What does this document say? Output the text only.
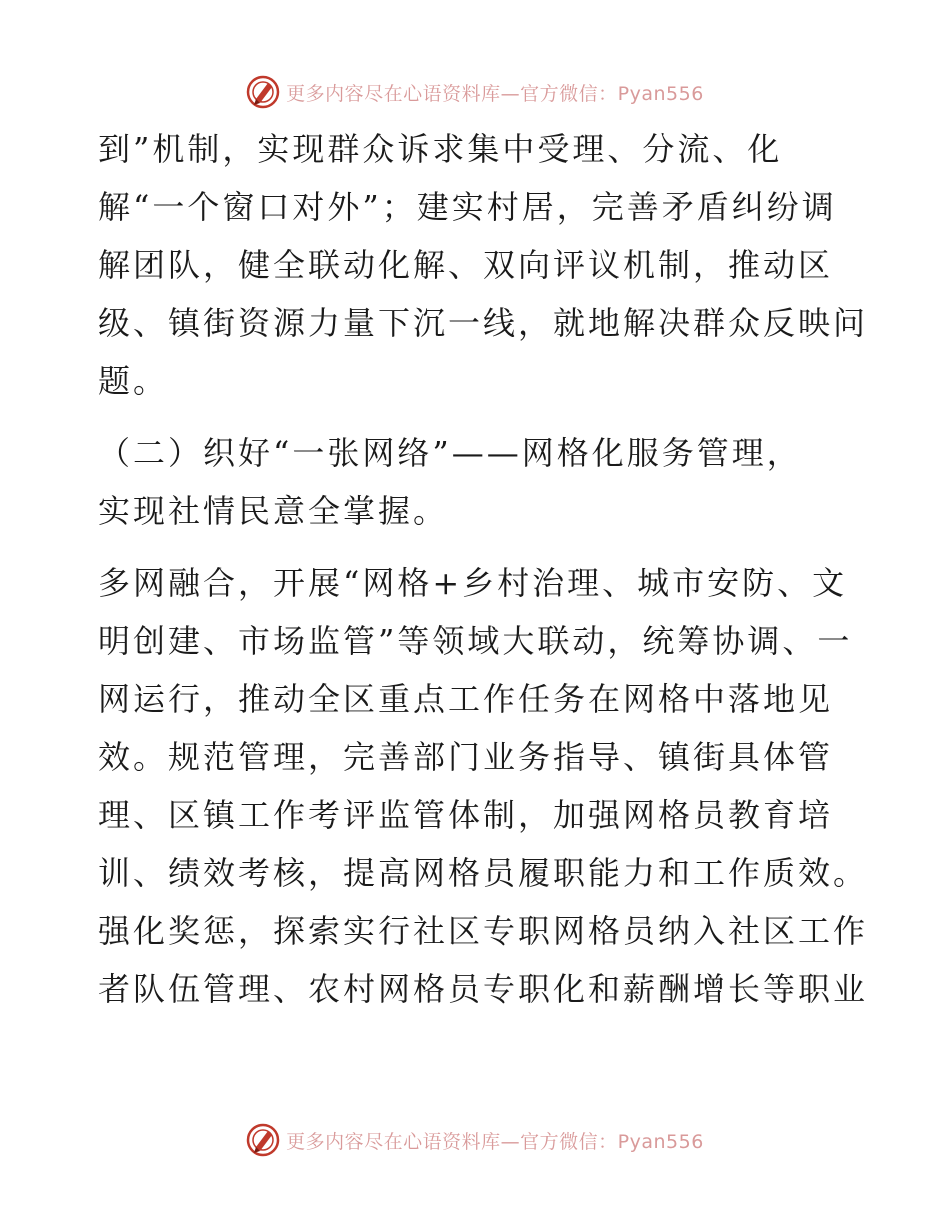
更多内容尽在心语资料库—官方微信：Pyan556

到”机制，实现群众诉求集中受理、分流、化
解“一个窗口对外”；建实村居，完善矛盾纠纷调
解团队，健全联动化解、双向评议机制，推动区
级、镇街资源力量下沉一线，就地解决群众反映问
题。

（二）织好“一张网络”——网格化服务管理，
实现社情民意全掌握。

多网融合，开展“网格+乡村治理、城市安防、文
明创建、市场监管”等领域大联动，统筹协调、一
网运行，推动全区重点工作任务在网格中落地见
效。规范管理，完善部门业务指导、镇街具体管
理、区镇工作考评监管体制，加强网格员教育培
训、绩效考核，提高网格员履职能力和工作质效。
强化奖惩，探索实行社区专职网格员纳入社区工作
者队伍管理、农村网格员专职化和薪酬增长等职业

更多内容尽在心语资料库—官方微信：Pyan556
